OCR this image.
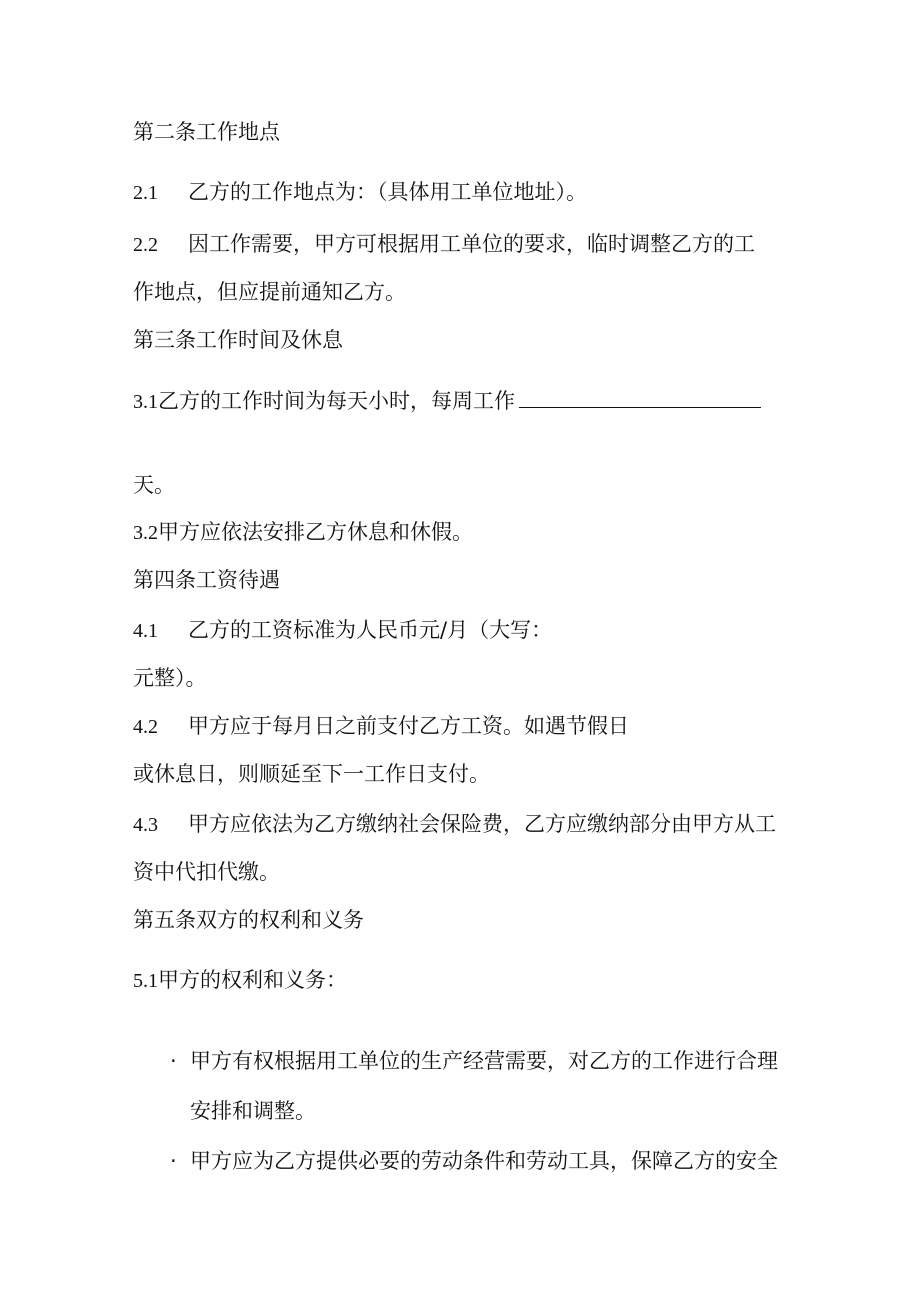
第二条工作地点
2.1 乙方的工作地点为：（具体用工单位地址）。
2.2 因工作需要，甲方可根据用工单位的要求，临时调整乙方的工
作地点，但应提前通知乙方。
第三条工作时间及休息
3.1乙方的工作时间为每天小时，每周工作
天。
3.2甲方应依法安排乙方休息和休假。
第四条工资待遇
4.1 乙方的工资标准为人民币元/月（大写：
元整）。
4.2 甲方应于每月日之前支付乙方工资。如遇节假日
或休息日，则顺延至下一工作日支付。
4.3 甲方应依法为乙方缴纳社会保险费，乙方应缴纳部分由甲方从工
资中代扣代缴。
第五条双方的权利和义务
5.1甲方的权利和义务：
· 甲方有权根据用工单位的生产经营需要，对乙方的工作进行合理
安排和调整。
· 甲方应为乙方提供必要的劳动条件和劳动工具，保障乙方的安全
